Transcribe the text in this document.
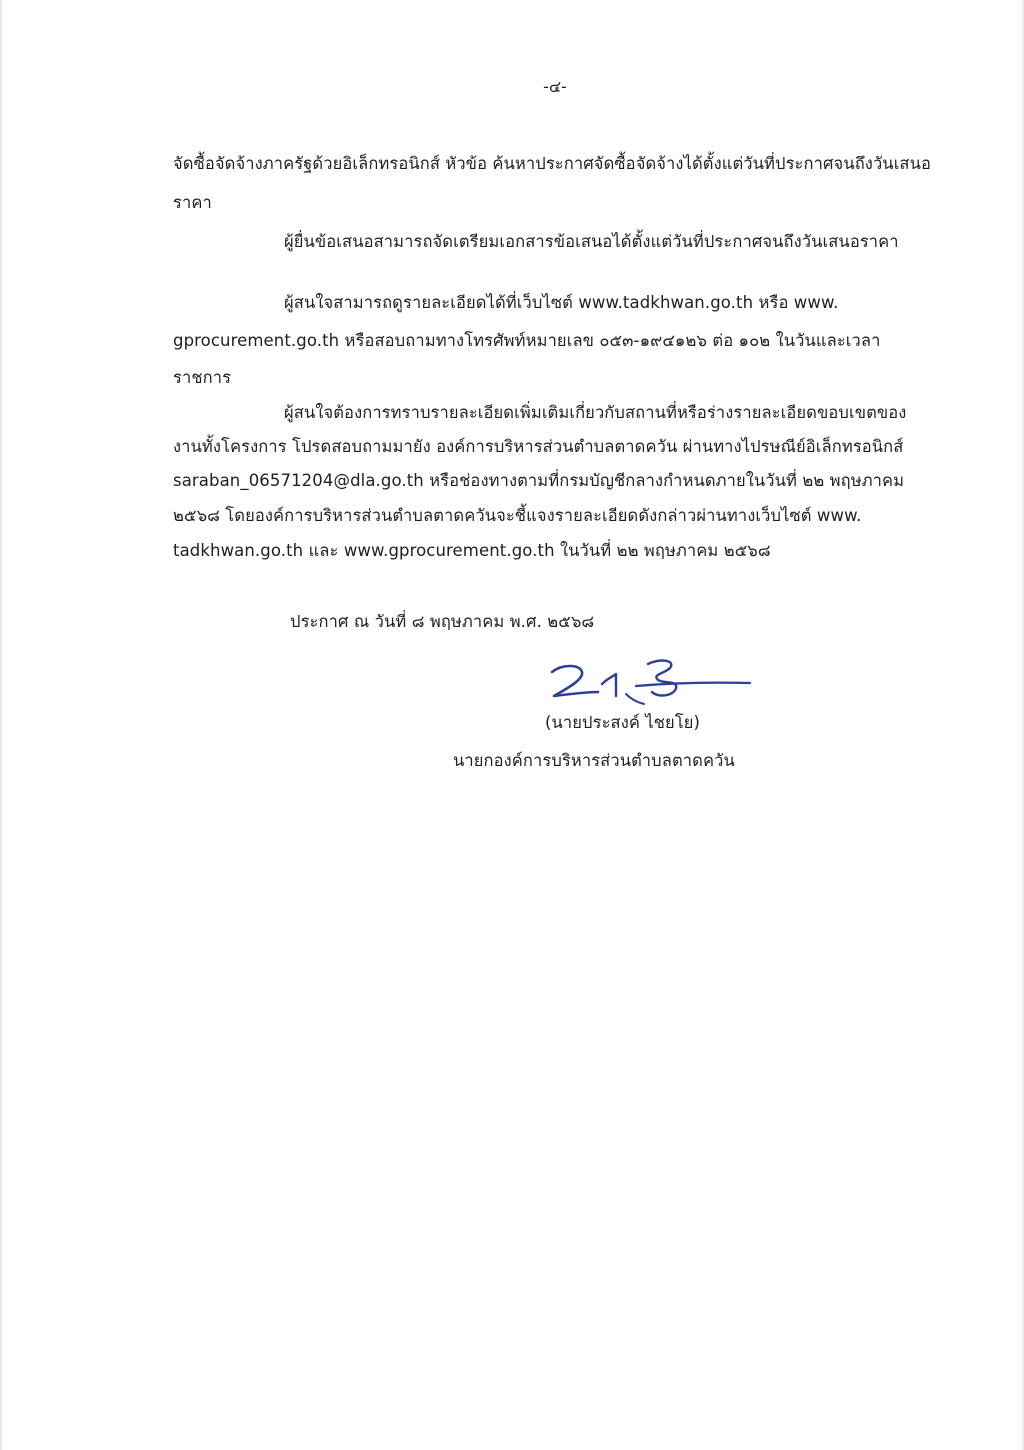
-๔-
จัดซื้อจัดจ้างภาครัฐด้วยอิเล็กทรอนิกส์ หัวข้อ ค้นหาประกาศจัดซื้อจัดจ้างได้ตั้งแต่วันที่ประกาศจนถึงวันเสนอ
ราคา
ผู้ยื่นข้อเสนอสามารถจัดเตรียมเอกสารข้อเสนอได้ตั้งแต่วันที่ประกาศจนถึงวันเสนอราคา
ผู้สนใจสามารถดูรายละเอียดได้ที่เว็บไซต์ www.tadkhwan.go.th หรือ www.
gprocurement.go.th หรือสอบถามทางโทรศัพท์หมายเลข ๐๕๓-๑๙๔๑๒๖ ต่อ ๑๐๒ ในวันและเวลา
ราชการ
ผู้สนใจต้องการทราบรายละเอียดเพิ่มเติมเกี่ยวกับสถานที่หรือร่างรายละเอียดขอบเขตของ
งานทั้งโครงการ โปรดสอบถามมายัง องค์การบริหารส่วนตำบลตาดควัน ผ่านทางไปรษณีย์อิเล็กทรอนิกส์
saraban_06571204@dla.go.th หรือช่องทางตามที่กรมบัญชีกลางกำหนดภายในวันที่ ๒๒ พฤษภาคม
๒๕๖๘ โดยองค์การบริหารส่วนตำบลตาดควันจะชี้แจงรายละเอียดดังกล่าวผ่านทางเว็บไซต์ www.
tadkhwan.go.th และ www.gprocurement.go.th ในวันที่ ๒๒ พฤษภาคม ๒๕๖๘
ประกาศ ณ วันที่ ๘ พฤษภาคม พ.ศ. ๒๕๖๘
(นายประสงค์ ไชยโย)
นายกองค์การบริหารส่วนตำบลตาดควัน
